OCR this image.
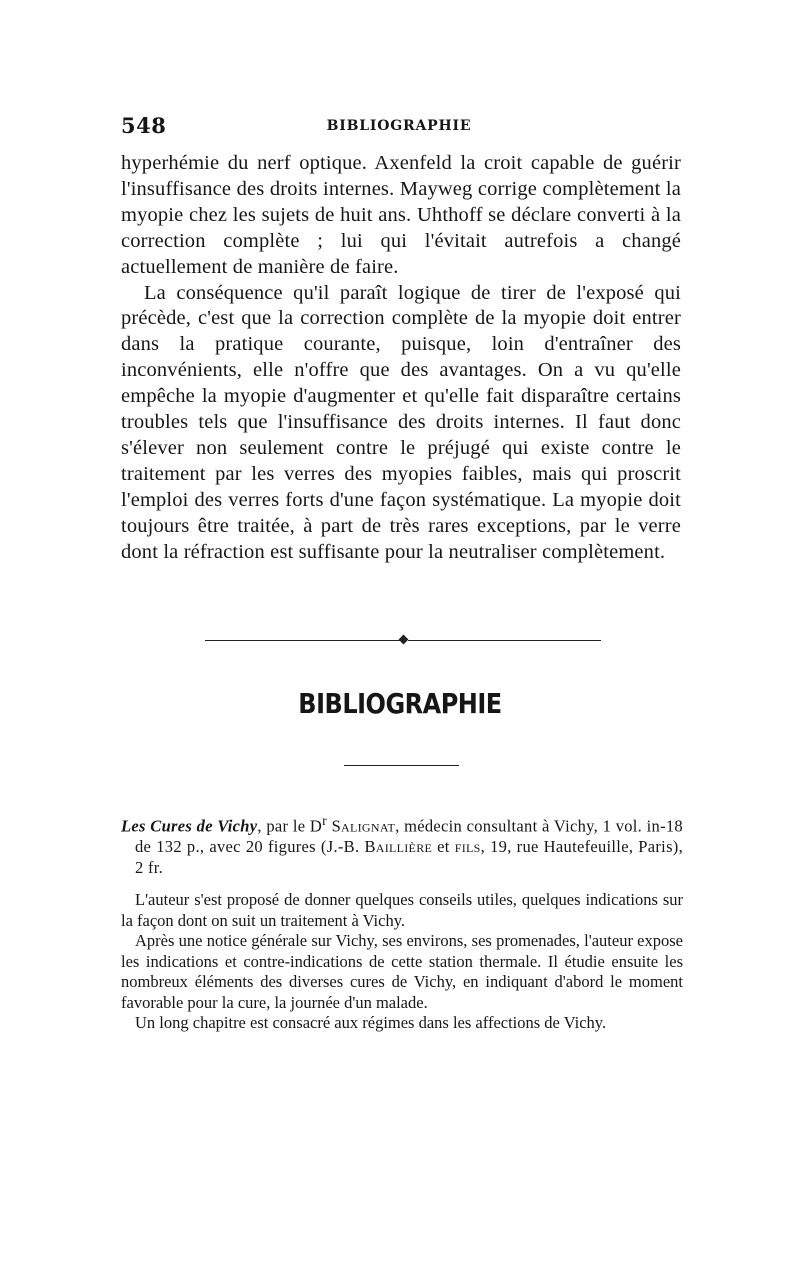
548	BIBLIOGRAPHIE

hyperhémie du nerf optique. Axenfeld la croit capable de guérir l'insuffisance des droits internes. Mayweg corrige complètement la myopie chez les sujets de huit ans. Uhthoff se déclare converti à la correction complète ; lui qui l'évitait autrefois a changé actuellement de manière de faire.

La conséquence qu'il paraît logique de tirer de l'exposé qui précède, c'est que la correction complète de la myopie doit entrer dans la pratique courante, puisque, loin d'entraîner des inconvénients, elle n'offre que des avantages. On a vu qu'elle empêche la myopie d'augmenter et qu'elle fait disparaître certains troubles tels que l'insuffisance des droits internes. Il faut donc s'élever non seulement contre le préjugé qui existe contre le traitement par les verres des myopies faibles, mais qui proscrit l'emploi des verres forts d'une façon systématique. La myopie doit toujours être traitée, à part de très rares exceptions, par le verre dont la réfraction est suffisante pour la neutraliser complètement.

BIBLIOGRAPHIE

Les Cures de Vichy, par le $D^r$ Salignat, médecin consultant à Vichy, 1 vol. in-18 de 132 p., avec 20 figures (J.-B. Baillière et fils, 19, rue Hautefeuille, Paris), 2 fr.

L'auteur s'est proposé de donner quelques conseils utiles, quelques indications sur la façon dont on suit un traitement à Vichy.

Après une notice générale sur Vichy, ses environs, ses promenades, l'auteur expose les indications et contre-indications de cette station thermale. Il étudie ensuite les nombreux éléments des diverses cures de Vichy, en indiquant d'abord le moment favorable pour la cure, la journée d'un malade.

Un long chapitre est consacré aux régimes dans les affections de Vichy.
